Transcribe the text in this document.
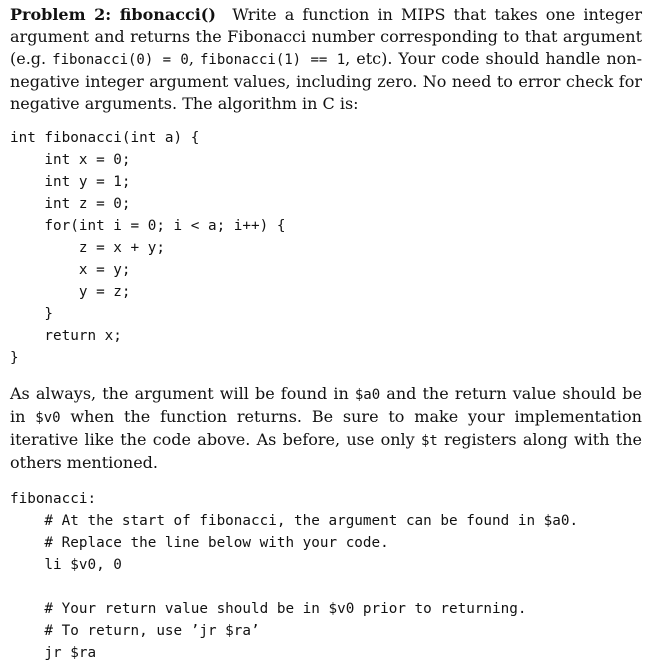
Problem 2: fibonacci() Write a function in MIPS that takes one integer argument and returns the Fibonacci number corresponding to that argument (e.g. fibonacci(0) = 0, fibonacci(1) == 1, etc). Your code should handle non-negative integer argument values, including zero. No need to error check for negative arguments. The algorithm in C is:

int fibonacci(int a) {
int x = 0;
int y = 1;
int z = 0;
for(int i = 0; i < a; i++) {
z = x + y;
x = y;
y = z;
}
return x;
}

As always, the argument will be found in $a0 and the return value should be in $v0 when the function returns. Be sure to make your implementation iterative like the code above. As before, use only $t registers along with the others mentioned.

fibonacci:
# At the start of fibonacci, the argument can be found in $a0.
# Replace the line below with your code.
li $v0, 0
# Your return value should be in $v0 prior to returning.
# To return, use ’jr $ra’
jr $ra
